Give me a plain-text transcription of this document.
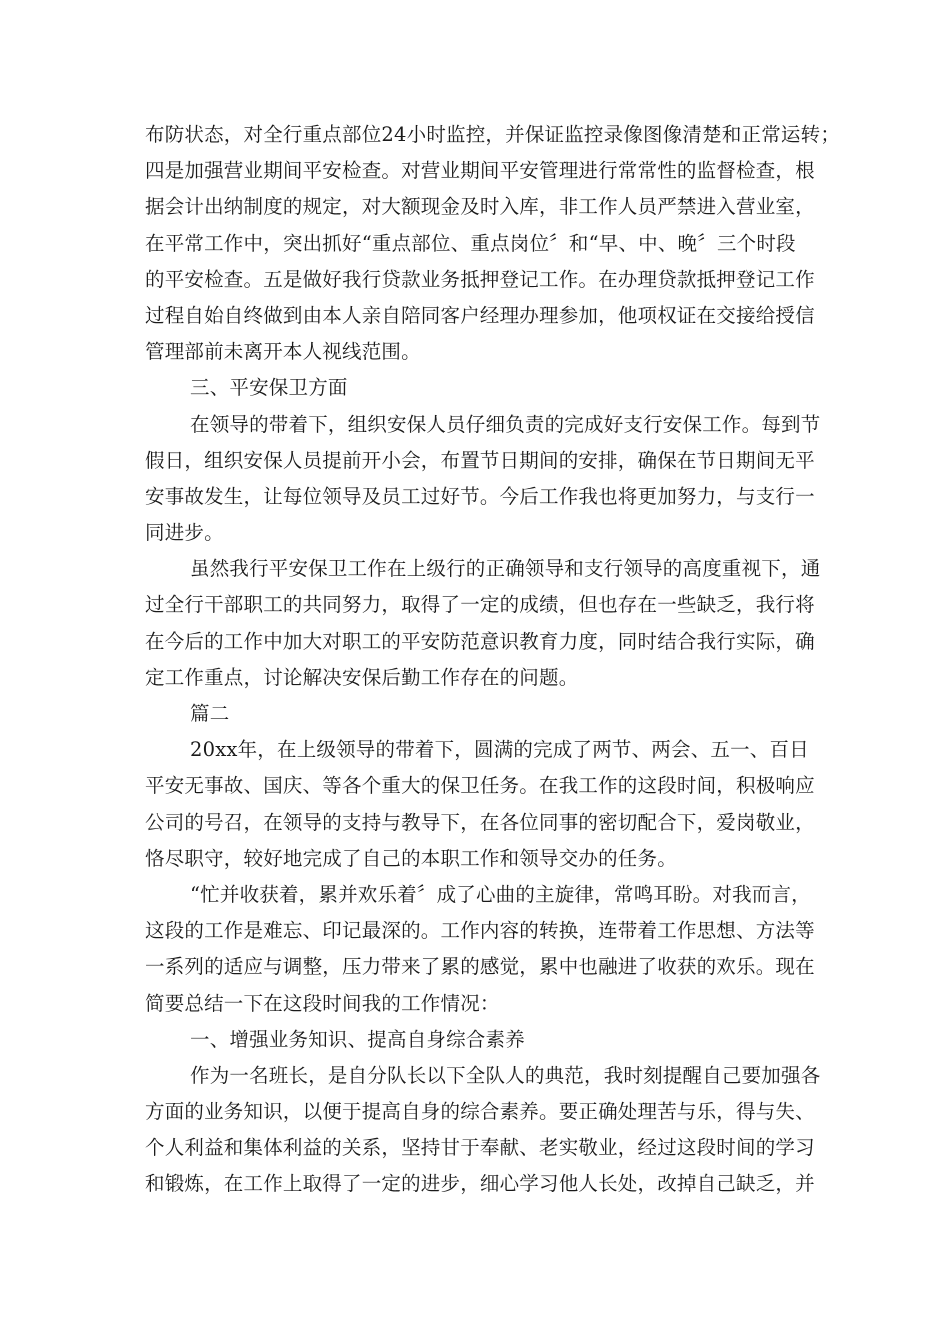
布防状态，对全行重点部位24小时监控，并保证监控录像图像清楚和正常运转；
四是加强营业期间平安检查。对营业期间平安管理进行常常性的监督检查，根
据会计出纳制度的规定，对大额现金及时入库，非工作人员严禁进入营业室，
在平常工作中，突出抓好“重点部位、重点岗位〞和“早、中、晚〞三个时段
的平安检查。五是做好我行贷款业务抵押登记工作。在办理贷款抵押登记工作
过程自始自终做到由本人亲自陪同客户经理办理参加，他项权证在交接给授信
管理部前未离开本人视线范围。
三、平安保卫方面
在领导的带着下，组织安保人员仔细负责的完成好支行安保工作。每到节
假日，组织安保人员提前开小会，布置节日期间的安排，确保在节日期间无平
安事故发生，让每位领导及员工过好节。今后工作我也将更加努力，与支行一
同进步。
虽然我行平安保卫工作在上级行的正确领导和支行领导的高度重视下，通
过全行干部职工的共同努力，取得了一定的成绩，但也存在一些缺乏，我行将
在今后的工作中加大对职工的平安防范意识教育力度，同时结合我行实际，确
定工作重点，讨论解决安保后勤工作存在的问题。
篇二
20xx年，在上级领导的带着下，圆满的完成了两节、两会、五一、百日
平安无事故、国庆、等各个重大的保卫任务。在我工作的这段时间，积极响应
公司的号召，在领导的支持与教导下，在各位同事的密切配合下，爱岗敬业，
恪尽职守，较好地完成了自己的本职工作和领导交办的任务。
“忙并收获着，累并欢乐着〞成了心曲的主旋律，常鸣耳盼。对我而言，
这段的工作是难忘、印记最深的。工作内容的转换，连带着工作思想、方法等
一系列的适应与调整，压力带来了累的感觉，累中也融进了收获的欢乐。现在
简要总结一下在这段时间我的工作情况：
一、增强业务知识、提高自身综合素养
作为一名班长，是自分队长以下全队人的典范，我时刻提醒自己要加强各
方面的业务知识，以便于提高自身的综合素养。要正确处理苦与乐，得与失、
个人利益和集体利益的关系，坚持甘于奉献、老实敬业，经过这段时间的学习
和锻炼，在工作上取得了一定的进步，细心学习他人长处，改掉自己缺乏，并
